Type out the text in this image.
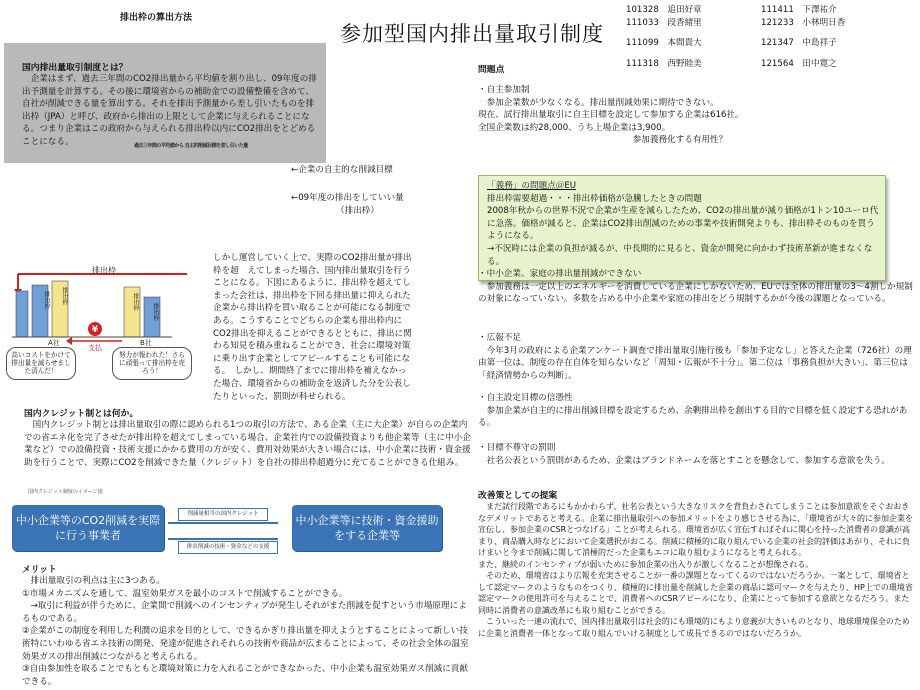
排出枠の算出方法
参加型国内排出量取引制度
101328　追田好章	111411　下澤祐介
111033　段香緒里	121233　小林明日香
111099　本間貴大	121347　中島祥子
111318　西野睦美	121564　田中寛之
国内排出量取引制度とは？

企業はまず、過去三年間のCO2排出量から平均値を割り出し、09年度の排出予測量を計算する。その後に環境省からの補助金での設備整備を含めて、自社が削減できる量を算出する。それを排出予測量から差し引いたものを排出枠（JPA）と呼び、政府から排出の上限として企業に与えられることになる。つまり企業はこの政府から与えられる排出枠以内にCO2排出をとどめることになる。	過去三年間の平均値から 自主的削減目標を差し引いた量
←企業の自主的な削減目標
←09年度の排出をしていい量
（排出枠）
¥
排出枠
A社	B社
支払
排出枠 排出枠	排出枠
排出枠
高いコストをかけて排出量を減らせました済んだ！
努力が報われた！さらに頑張って排出枠を売ろう！
しかし運営していく上で、実際のCO2排出量が排出枠を超　えてしまった場合、国内排出量取引を行うことになる。下図にあるように、排出枠を超えてしまった会社は、排出枠を下回る排出量に抑えられた企業から排出枠を買い取ることが可能になる制度である。こうすることでどちらの企業も排出枠内にCO2排出を抑えることができるとともに、排出に関わる知見を積み重ねることができ、社会に環境対策に乗り出す企業としてアピールすることも可能になる。　しかし、期間終了までに排出枠を補えなかった場合、環境省からの補助金を返済した分を公表したりといった、罰則が科せられる。
国内クレジット制とは何か。

国内クレジット制とは排出量取引の際に認められる1つの取引の方法で、ある企業（主に大企業）が自らの企業内での省エネ化を完了させたが排出枠を超えてしまっている場合、企業社内での設備投資よりも他企業等（主に中小企業など）での設備投資・技術支援にかかる費用の方が安く、費用対効果が大きい場合には、中小企業に技術・資金援助を行うことで、実際にCO2を削減できた量（クレジット）を自社の排出枠超過分に充てることができる仕組み。

国内クレジット制度のイメージ図
中小企業等のCO2削減を実際に行う事業者
削減量相当の国内クレジット
排出削減の技術・資金などの支援
中小企業等に技術・資金援助をする企業等
メリット
　排出量取引の利点は主に3つある。
①市場メカニズムを通して、温室効果ガスを最小のコストで削減することができる。
　→取引に利益が伴うために、企業間で削減へのインセンティブが発生しそれがまた削減を促すという市場原理によるものである。
②企業がこの制度を利用した利潤の追求を目的として、できるかぎり排出量を抑えようとすることによって新しい技術特にいわゆる省エネ技術の開発、発達が促進されそれらの技術や商品が広まることによって、その社会全体の温室効果ガスの排出削減につながると考えられる。
③自由参加性を取ることでもともと環境対策に力を入れることができなかった、中小企業も温室効果ガス削減に貢献できる。
問題点
・自主参加制
　参加企業数が少なくなる。排出量削減効果に期待できない。
現在、試行排出量取引に自主目標を設定して参加する企業は616社。
全国企業数は約28,000、うち上場企業は3,900。
　　　　　　　　　　　　　　　　　　参加義務化する有用性？
「義務」の問題点＠EU
排出枠需要超過・・・排出枠価格が急騰したときの問題
2008年秋からの世界不況で企業が生産を減らしたため、CO2の排出量が減り価格が1トン10ユーロ代に急落。価格が減ると、企業はCO2排出削減のための事業や技術開発よりも、排出枠そのものを買うようになる。
→不況時には企業の負担が減るが、中長期的に見ると、資金が開発に向かわず技術革新が進まなくなる。
・中小企業、家庭の排出量削減ができない

　参加義務は一定以上のエネルギーを消費している企業にしかないため、EUでは全体の排出量の3～4割しか規制の対象になっていない。多数を占める中小企業や家庭の排出をどう規制するかが今後の課題となっている。

・広報不足

　今年3月の政府による企業アンケート調査で排出量取引施行後も「参加予定なし」と答えた企業（726社）の理由第一位は、制度の存在自体を知らないなど「周知・広報が不十分」。第二位は「事務負担が大きい」、第三位は「経済情勢からの判断」。

・自主設定目標の信憑性

　参加企業が自主的に排出削減目標を設定するため、余剰排出枠を創出する目的で目標を低く設定する恐れがある。

・目標不尊守の罰則

　社名公表という罰則があるため、企業はブランドネームを落とすことを懸念して、参加する意欲を失う。

改善策としての提案

　まだ試行段階であるにもかかわらず、社名公表という大きなリスクを背負わされてしまうことは参加意欲をそぐおおきなデメリットであると考える。企業に排出量取引への参加メリットをより感じさせる為に、「環境省が大々的に参加企業を宣伝し、参加企業のCSRとつなげる」ことが考えられる。環境省が広く宣伝すればそれに関心を持った消費者の意識が高まり、商品購入時などにおいて企業選択がおこる。削減に積極的に取り組んでいる企業の社会的評価はあがり、それに負けまいと今まで削減に関して消極的だった企業もエコに取り組むようになると考えられる。

また、継続のインセンティブが弱いために参加企業の出入りが激しくなることが想像される。

　そのため、環境省はより広報を充実させることが一番の課題となってくるのではないだろうか。一案として、環境省として認定マークのようなものをつくり、積極的に排出量を削減した企業の商品に認可マークを与えたり、HP上での環境省認定マークの使用許可を与えることで、消費者へのCSRアピールになり、企業にとって参加する意欲となるだろう。また同時に消費者の意識改革にも取り組むことができる。

　こういった一連の流れで、国内排出量取引は社会的にも環境的にもより意義が大きいものとなり、地球環境保全のために企業と消費者一体となって取り組んでいける制度として成長できるのではないだろうか。
